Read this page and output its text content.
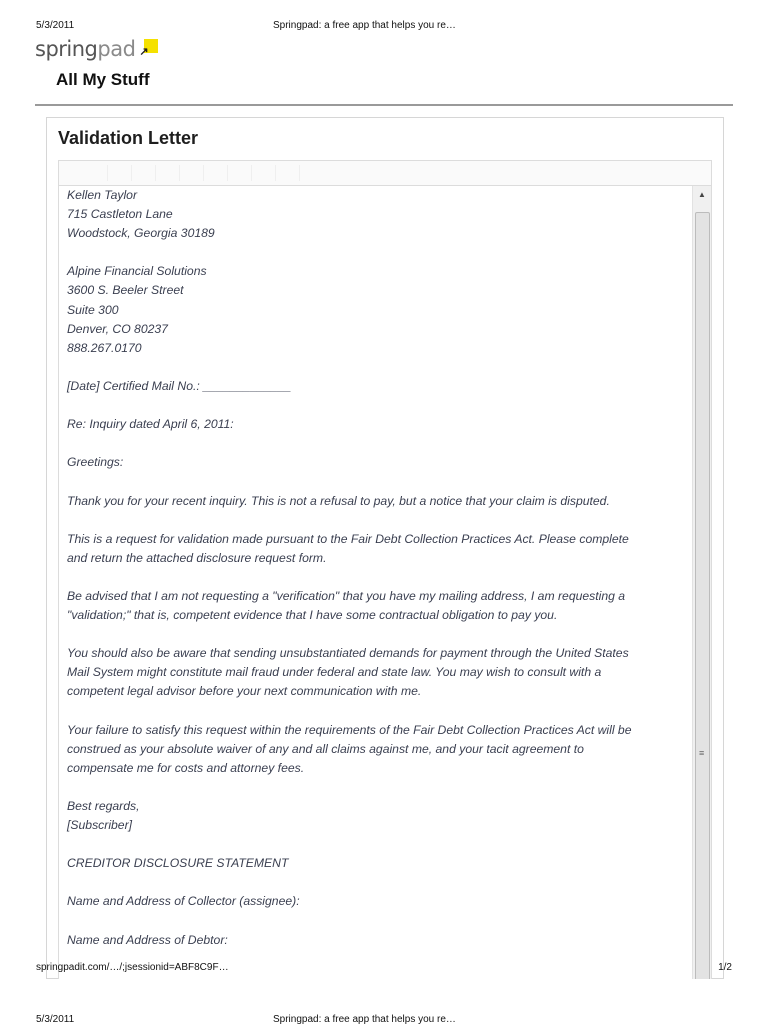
5/3/2011	Springpad: a free app that helps you re…
spring pad ↗
All My Stuff
Validation Letter

Kellen Taylor
715 Castleton Lane
Woodstock, Georgia 30189

Alpine Financial Solutions
3600 S. Beeler Street
Suite 300
Denver, CO 80237
888.267.0170

[Date] Certified Mail No.: _____________

Re: Inquiry dated April 6, 2011:

Greetings:

Thank you for your recent inquiry. This is not a refusal to pay, but a notice that your claim is disputed.

This is a request for validation made pursuant to the Fair Debt Collection Practices Act. Please complete
and return the attached disclosure request form.

Be advised that I am not requesting a "verification" that you have my mailing address, I am requesting a
"validation;" that is, competent evidence that I have some contractual obligation to pay you.

You should also be aware that sending unsubstantiated demands for payment through the United States
Mail System might constitute mail fraud under federal and state law. You may wish to consult with a
competent legal advisor before your next communication with me.

Your failure to satisfy this request within the requirements of the Fair Debt Collection Practices Act will be
construed as your absolute waiver of any and all claims against me, and your tacit agreement to
compensate me for costs and attorney fees.

Best regards,
[Subscriber]

CREDITOR DISCLOSURE STATEMENT

Name and Address of Collector (assignee):

Name and Address of Debtor:

▲
≡
springpadit.com/…/;jsessionid=ABF8C9F…	1/2
5/3/2011	Springpad: a free app that helps you re…
